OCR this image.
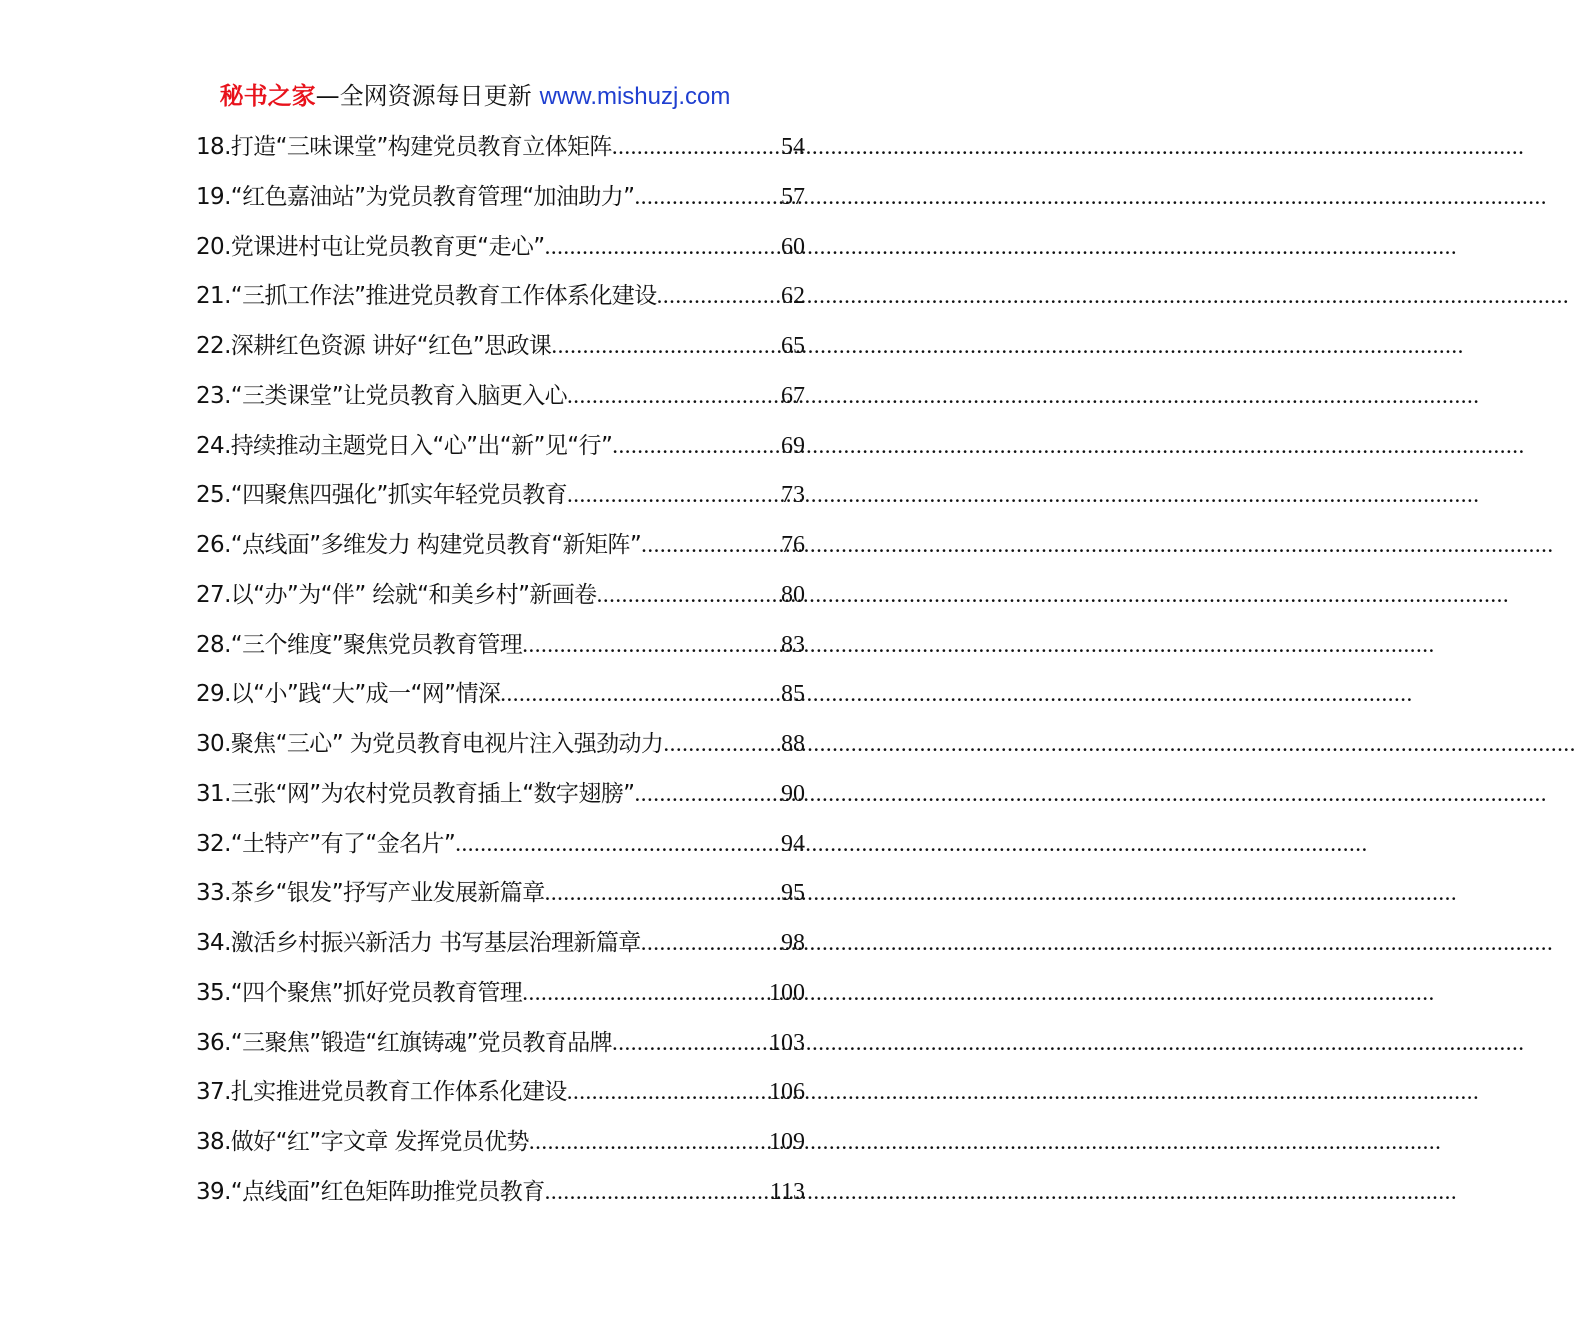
秘书之家—全网资源每日更新 www.mishuzj.com
18.打造“三味课堂”构建党员教育立体矩阵 .....	54
19.“红色嘉油站”为党员教育管理“加油助力” .....	57
20.党课进村屯让党员教育更“走心” .....	60
21.“三抓工作法”推进党员教育工作体系化建设 .....	62
22.深耕红色资源 讲好“红色”思政课 .....	65
23.“三类课堂”让党员教育入脑更入心 .....	67
24.持续推动主题党日入“心”出“新”见“行” .....	69
25.“四聚焦四强化”抓实年轻党员教育 .....	73
26.“点线面”多维发力 构建党员教育“新矩阵” .....	76
27.以“办”为“伴” 绘就“和美乡村”新画卷 .....	80
28.“三个维度”聚焦党员教育管理 .....	83
29.以“小”践“大”成一“网”情深 .....	85
30.聚焦“三心” 为党员教育电视片注入强劲动力 .....	88
31.三张“网”为农村党员教育插上“数字翅膀” .....	90
32.“土特产”有了“金名片” .....	94
33.茶乡“银发”抒写产业发展新篇章 .....	95
34.激活乡村振兴新活力 书写基层治理新篇章 .....	98
35.“四个聚焦”抓好党员教育管理 .....	100
36.“三聚焦”锻造“红旗铸魂”党员教育品牌 .....	103
37.扎实推进党员教育工作体系化建设 .....	106
38.做好“红”字文章 发挥党员优势 .....	109
39.“点线面”红色矩阵助推党员教育 .....	113
